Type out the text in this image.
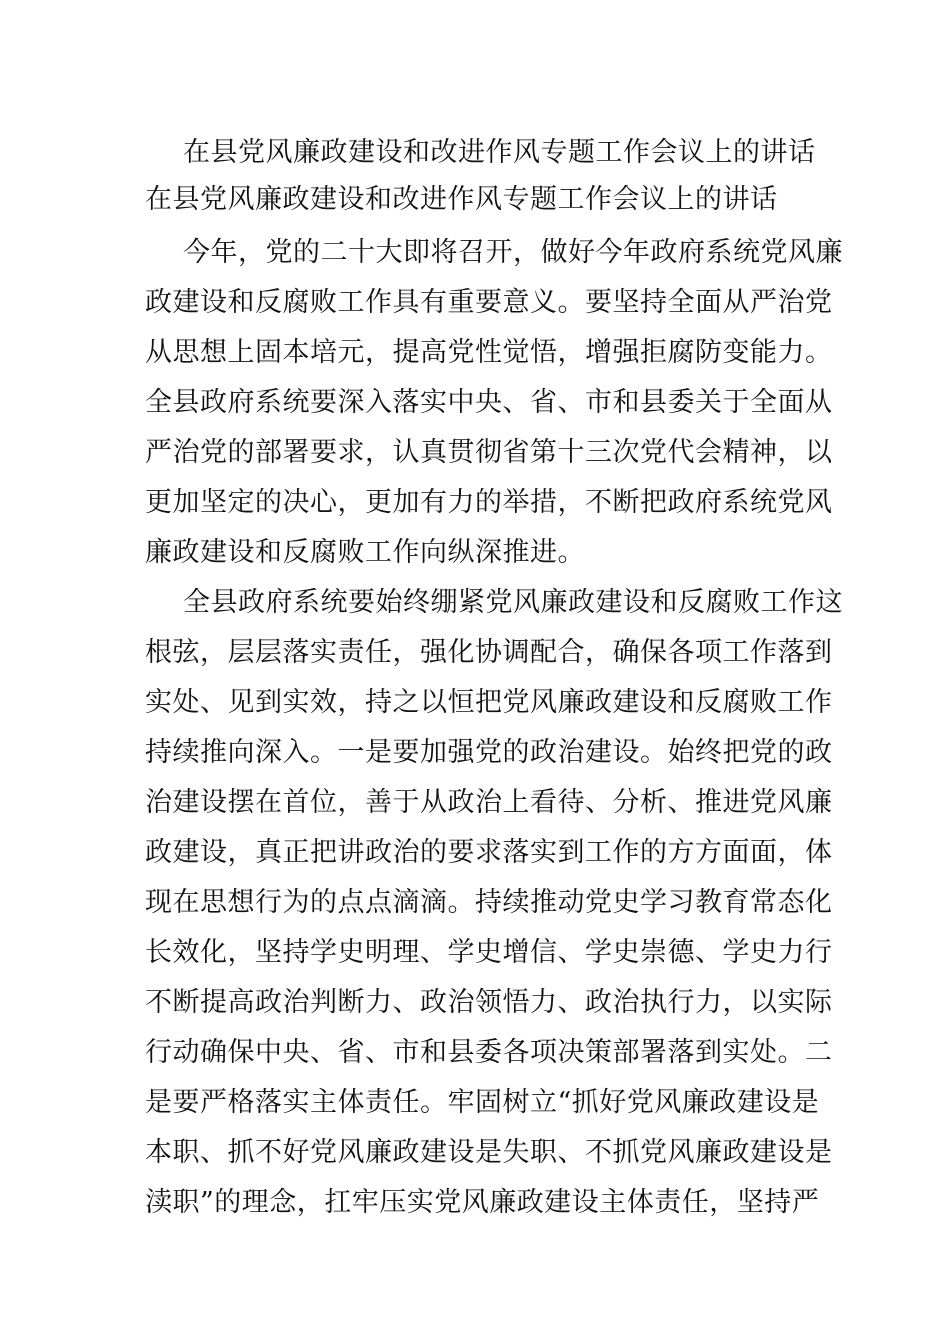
在县党风廉政建设和改进作风专题工作会议上的讲话
在县党风廉政建设和改进作风专题工作会议上的讲话
今年，党的二十大即将召开，做好今年政府系统党风廉
政建设和反腐败工作具有重要意义。要坚持全面从严治党
从思想上固本培元，提高党性觉悟，增强拒腐防变能力。
全县政府系统要深入落实中央、省、市和县委关于全面从
严治党的部署要求，认真贯彻省第十三次党代会精神，以
更加坚定的决心，更加有力的举措，不断把政府系统党风
廉政建设和反腐败工作向纵深推进。
全县政府系统要始终绷紧党风廉政建设和反腐败工作这
根弦，层层落实责任，强化协调配合，确保各项工作落到
实处、见到实效，持之以恒把党风廉政建设和反腐败工作
持续推向深入。一是要加强党的政治建设。始终把党的政
治建设摆在首位，善于从政治上看待、分析、推进党风廉
政建设，真正把讲政治的要求落实到工作的方方面面，体
现在思想行为的点点滴滴。持续推动党史学习教育常态化
长效化，坚持学史明理、学史增信、学史崇德、学史力行
不断提高政治判断力、政治领悟力、政治执行力，以实际
行动确保中央、省、市和县委各项决策部署落到实处。二
是要严格落实主体责任。牢固树立“抓好党风廉政建设是
本职、抓不好党风廉政建设是失职、不抓党风廉政建设是
渎职”的理念，扛牢压实党风廉政建设主体责任，坚持严
